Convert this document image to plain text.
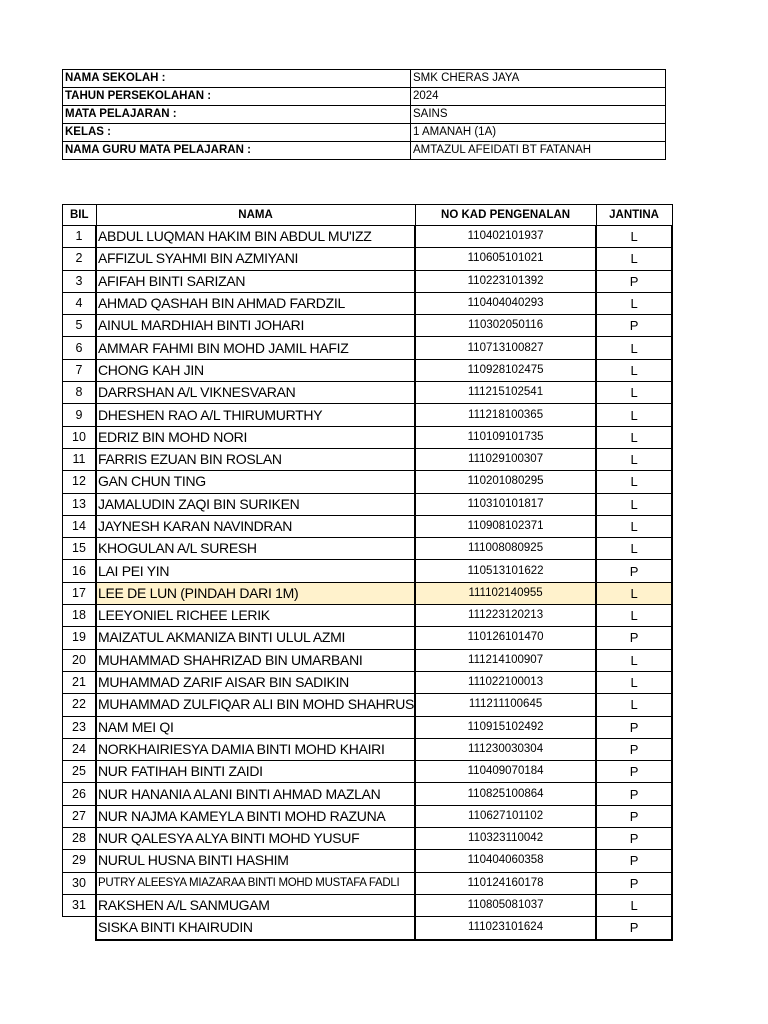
NAMA SEKOLAH :	SMK CHERAS JAYA
TAHUN PERSEKOLAHAN :	2024
MATA PELAJARAN :	SAINS
KELAS :	1 AMANAH (1A)
NAMA GURU MATA PELAJARAN :	AMTAZUL AFEIDATI BT FATANAH
BIL	NAMA	NO KAD PENGENALAN	JANTINA
1	ABDUL LUQMAN HAKIM BIN ABDUL MU'IZZ	110402101937	L
2	AFFIZUL SYAHMI BIN AZMIYANI	110605101021	L
3	AFIFAH BINTI SARIZAN	110223101392	P
4	AHMAD QASHAH BIN AHMAD FARDZIL	110404040293	L
5	AINUL MARDHIAH BINTI JOHARI	110302050116	P
6	AMMAR FAHMI BIN MOHD JAMIL HAFIZ	110713100827	L
7	CHONG KAH JIN	110928102475	L
8	DARRSHAN A/L VIKNESVARAN	111215102541	L
9	DHESHEN RAO A/L THIRUMURTHY	111218100365	L
10	EDRIZ BIN MOHD NORI	110109101735	L
11	FARRIS EZUAN BIN ROSLAN	111029100307	L
12	GAN CHUN TING	110201080295	L
13	JAMALUDIN ZAQI BIN SURIKEN	110310101817	L
14	JAYNESH KARAN NAVINDRAN	110908102371	L
15	KHOGULAN A/L SURESH	111008080925	L
16	LAI PEI YIN	110513101622	P
17	LEE DE LUN (PINDAH DARI 1M)	111102140955	L
18	LEEYONIEL RICHEE LERIK	111223120213	L
19	MAIZATUL AKMANIZA BINTI ULUL AZMI	110126101470	P
20	MUHAMMAD SHAHRIZAD BIN UMARBANI	111214100907	L
21	MUHAMMAD ZARIF AISAR BIN SADIKIN	111022100013	L
22	MUHAMMAD ZULFIQAR ALI BIN MOHD SHAHRUS	111211100645	L
23	NAM MEI QI	110915102492	P
24	NORKHAIRIESYA DAMIA BINTI MOHD KHAIRI	111230030304	P
25	NUR FATIHAH BINTI ZAIDI	110409070184	P
26	NUR HANANIA ALANI BINTI AHMAD MAZLAN	110825100864	P
27	NUR NAJMA KAMEYLA BINTI MOHD RAZUNA	110627101102	P
28	NUR QALESYA ALYA BINTI MOHD YUSUF	110323110042	P
29	NURUL HUSNA BINTI HASHIM	110404060358	P
30	PUTRY ALEESYA MIAZARAA BINTI MOHD MUSTAFA FADLI	110124160178	P
31	RAKSHEN A/L SANMUGAM	110805081037	L
	SISKA BINTI KHAIRUDIN	111023101624	P
